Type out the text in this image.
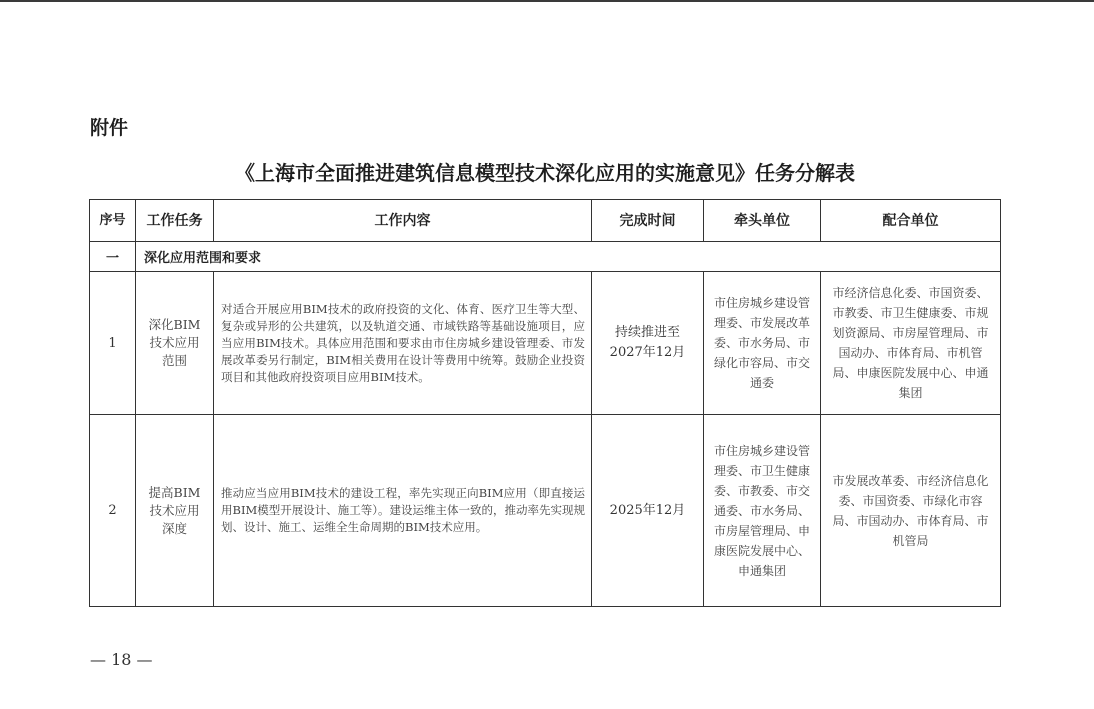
附件
《上海市全面推进建筑信息模型技术深化应用的实施意见》任务分解表
序号	工作任务	工作内容	完成时间	牵头单位	配合单位
一	深化应用范围和要求				
1	深化BIM技术应用范围	对适合开展应用BIM技术的政府投资的文化、体育、医疗卫生等大型、复杂或异形的公共建筑，以及轨道交通、市域铁路等基础设施项目，应当应用BIM技术。具体应用范围和要求由市住房城乡建设管理委、市发展改革委另行制定，BIM相关费用在设计等费用中统筹。鼓励企业投资项目和其他政府投资项目应用BIM技术。	持续推进至2027年12月	市住房城乡建设管理委、市发展改革委、市水务局、市绿化市容局、市交通委	市经济信息化委、市国资委、市教委、市卫生健康委、市规划资源局、市房屋管理局、市国动办、市体育局、市机管局、申康医院发展中心、申通集团
2	提高BIM技术应用深度	推动应当应用BIM技术的建设工程，率先实现正向BIM应用（即直接运用BIM模型开展设计、施工等）。建设运维主体一致的，推动率先实现规划、设计、施工、运维全生命周期的BIM技术应用。	2025年12月	市住房城乡建设管理委、市卫生健康委、市教委、市交通委、市水务局、市房屋管理局、申康医院发展中心、申通集团	市发展改革委、市经济信息化委、市国资委、市绿化市容局、市国动办、市体育局、市机管局
— 18 —
